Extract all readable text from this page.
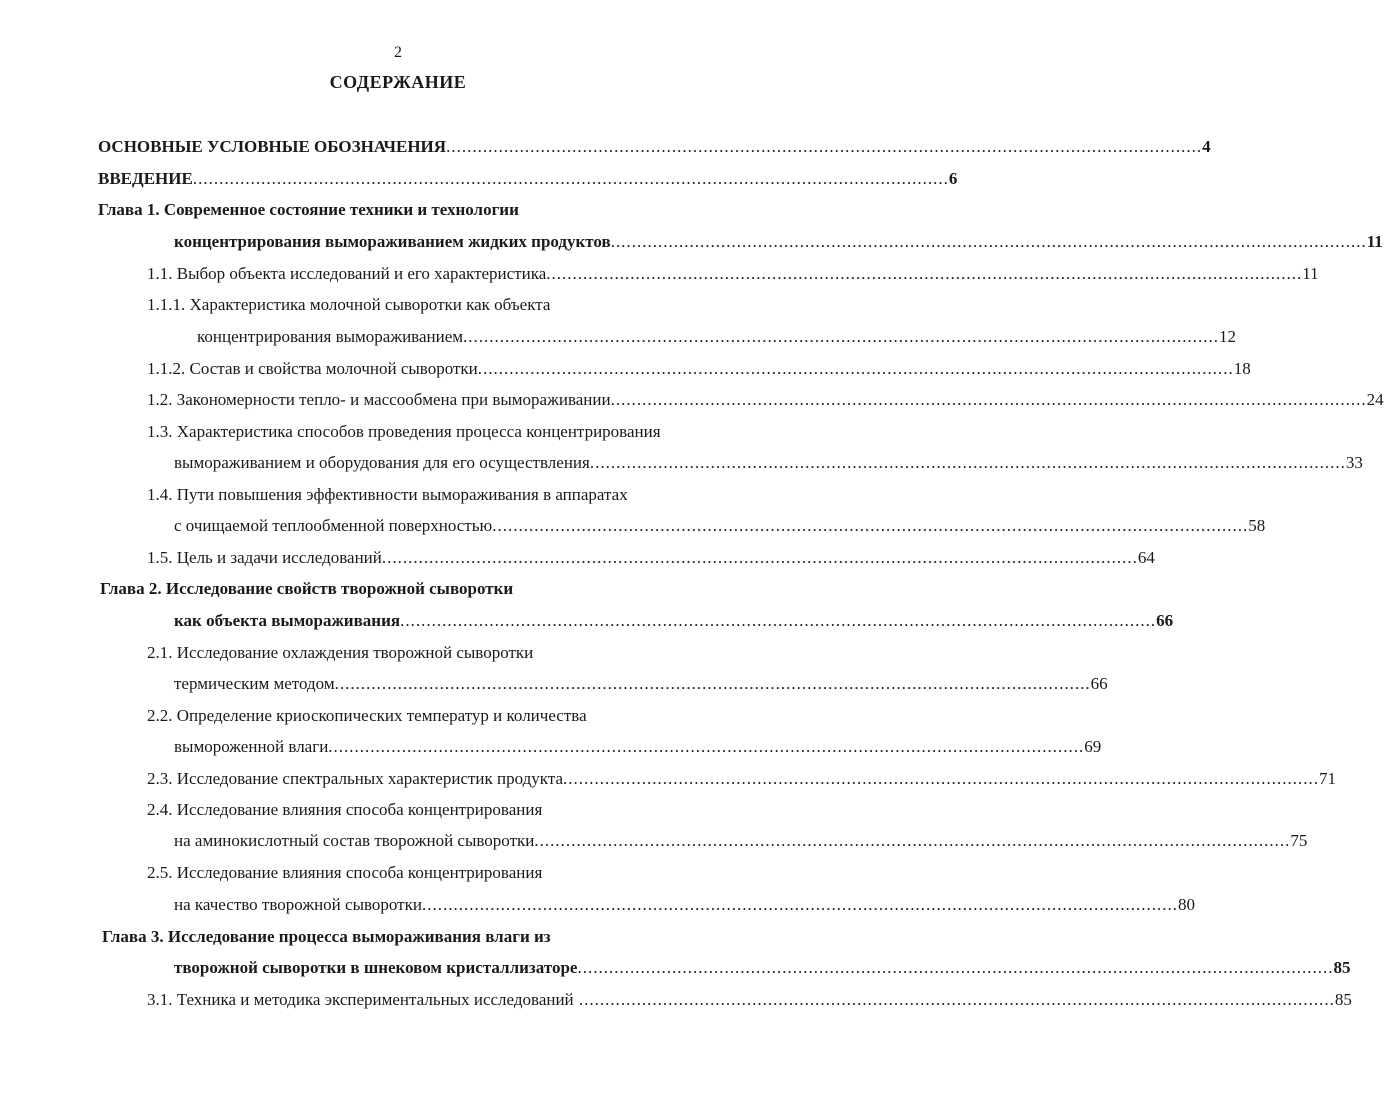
2
СОДЕРЖАНИЕ
ОСНОВНЫЕ УСЛОВНЫЕ ОБОЗНАЧЕНИЯ ................................................................................................................................................ 4
ВВЕДЕНИЕ ................................................................................................................................................ 6
Глава 1. Современное состояние техники и технологии
концентрирования вымораживанием жидких продуктов ................................................................................................................................................ 11
1.1. Выбор объекта исследований и его характеристика ................................................................................................................................................ 11
1.1.1. Характеристика молочной сыворотки как объекта
концентрирования вымораживанием ................................................................................................................................................ 12
1.1.2. Состав и свойства молочной сыворотки ................................................................................................................................................ 18
1.2. Закономерности тепло- и массообмена при вымораживании ................................................................................................................................................ 24
1.3. Характеристика способов проведения процесса концентрирования
вымораживанием и оборудования для его осуществления ................................................................................................................................................ 33
1.4. Пути повышения эффективности вымораживания в аппаратах
с очищаемой теплообменной поверхностью ................................................................................................................................................ 58
1.5. Цель и задачи исследований ................................................................................................................................................ 64
Глава 2. Исследование свойств творожной сыворотки
как объекта вымораживания ................................................................................................................................................ 66
2.1. Исследование охлаждения творожной сыворотки
термическим методом ................................................................................................................................................ 66
2.2. Определение криоскопических температур и количества
вымороженной влаги ................................................................................................................................................ 69
2.3. Исследование спектральных характеристик продукта ................................................................................................................................................ 71
2.4. Исследование влияния способа концентрирования
на аминокислотный состав творожной сыворотки ................................................................................................................................................ 75
2.5. Исследование влияния способа концентрирования
на качество творожной сыворотки ................................................................................................................................................ 80
Глава 3. Исследование процесса вымораживания влаги из
творожной сыворотки в шнековом кристаллизаторе ................................................................................................................................................ 85
3.1. Техника и методика экспериментальных исследований ................................................................................................................................................ 85
